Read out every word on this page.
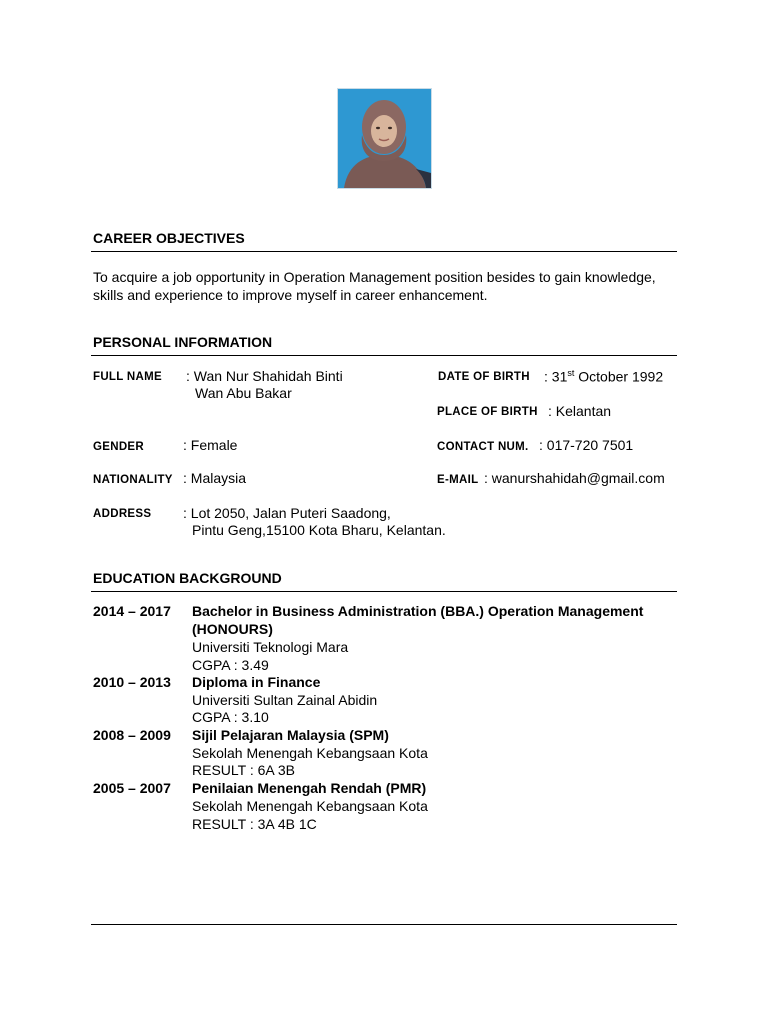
CAREER OBJECTIVES
To acquire a job opportunity in Operation Management position besides to gain knowledge,
skills and experience to improve myself in career enhancement.
PERSONAL INFORMATION
FULL NAME : Wan Nur Shahidah Binti
Wan Abu Bakar
DATE OF BIRTH : 31st October 1992
PLACE OF BIRTH : Kelantan
GENDER	: Female	CONTACT NUM. : 017-720 7501
NATIONALITY : Malaysia	E-MAIL : wanurshahidah@gmail.com
ADDRESS : Lot 2050, Jalan Puteri Saadong,
Pintu Geng,15100 Kota Bharu, Kelantan.
EDUCATION BACKGROUND
2014 – 2017 Bachelor in Business Administration (BBA.) Operation Management
(HONOURS)
Universiti Teknologi Mara
CGPA : 3.49
2010 – 2013 Diploma in Finance
Universiti Sultan Zainal Abidin
CGPA : 3.10
2008 – 2009 Sijil Pelajaran Malaysia (SPM)
Sekolah Menengah Kebangsaan Kota
RESULT : 6A 3B
2005 – 2007 Penilaian Menengah Rendah (PMR)
Sekolah Menengah Kebangsaan Kota
RESULT : 3A 4B 1C
